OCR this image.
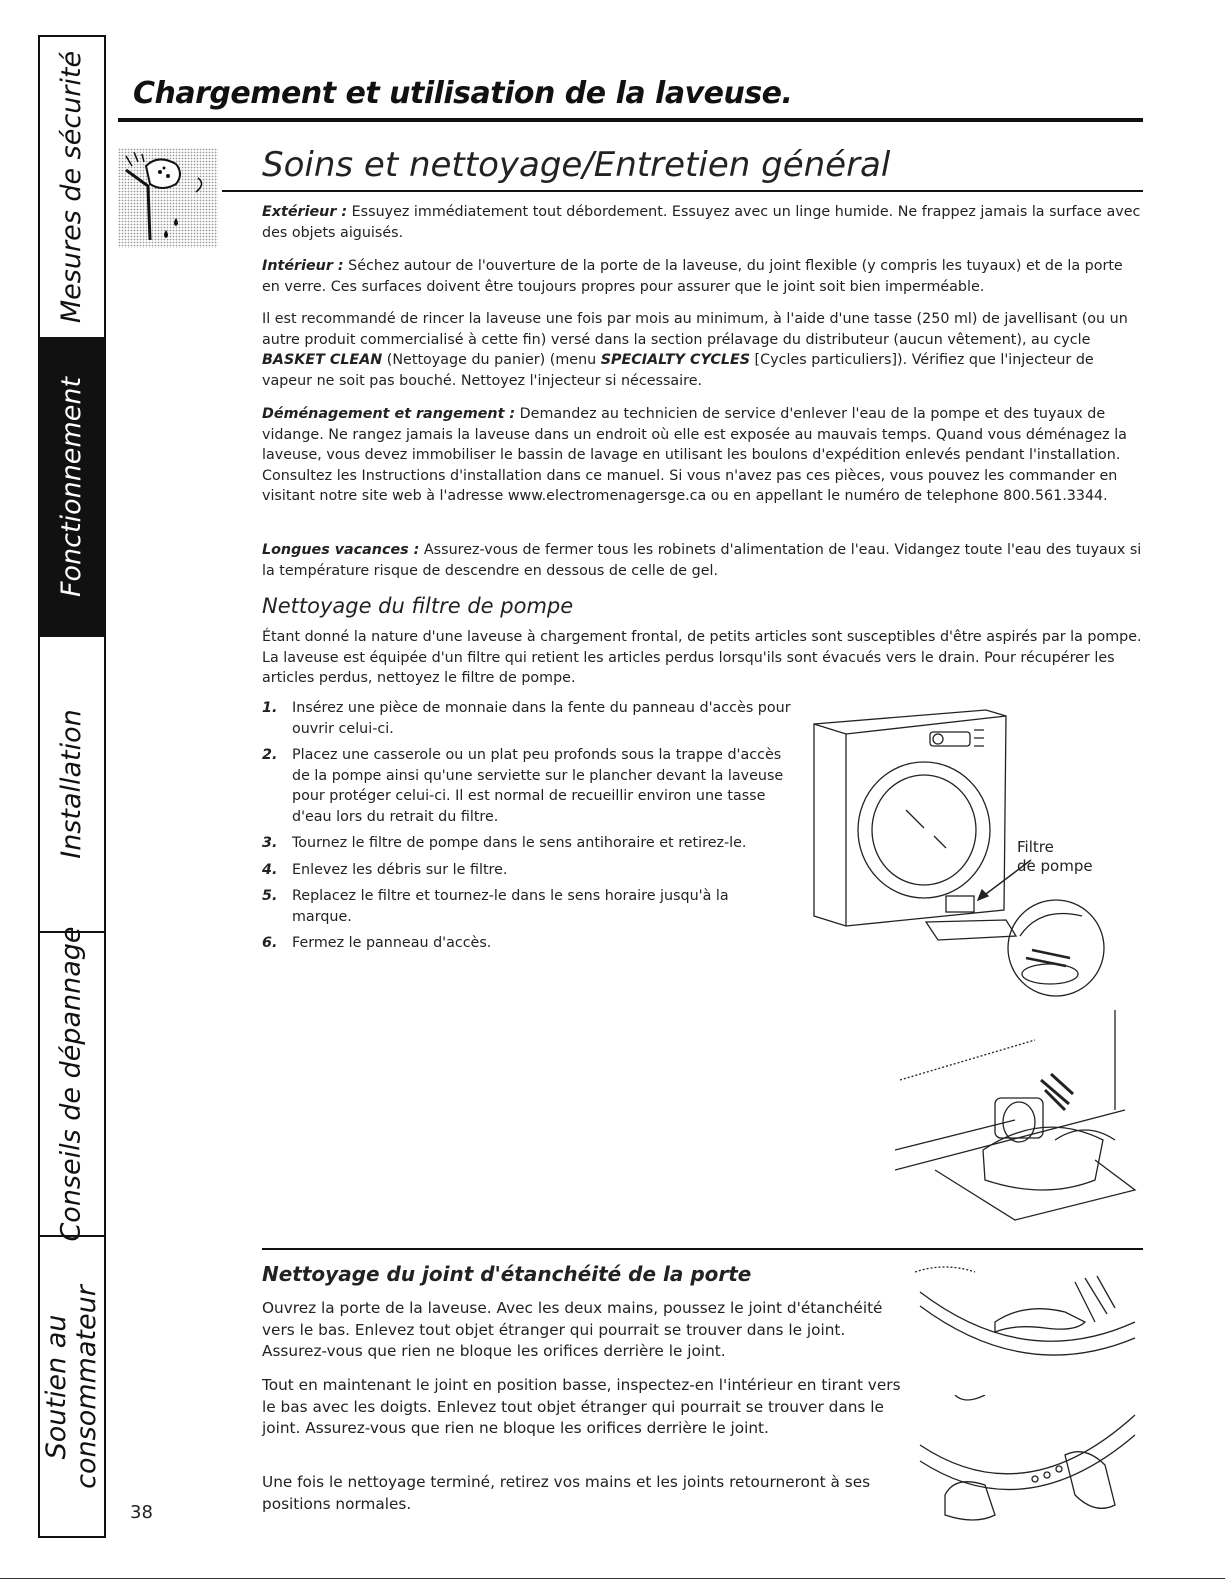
Mesures de sécurité
Fonctionnement
Installation
Conseils de dépannage
Soutien au
consommateur
Chargement et utilisation de la laveuse.
Soins et nettoyage/Entretien général

Extérieur : Essuyez immédiatement tout débordement. Essuyez avec un linge humide. Ne frappez jamais la surface avec des objets aiguisés.

Intérieur : Séchez autour de l'ouverture de la porte de la laveuse, du joint flexible (y compris les tuyaux) et de la porte en verre. Ces surfaces doivent être toujours propres pour assurer que le joint soit bien imperméable.

Il est recommandé de rincer la laveuse une fois par mois au minimum, à l'aide d'une tasse (250 ml) de javellisant (ou un autre produit commercialisé à cette fin) versé dans la section prélavage du distributeur (aucun vêtement), au cycle BASKET CLEAN (Nettoyage du panier) (menu SPECIALTY CYCLES [Cycles particuliers]). Vérifiez que l'injecteur de vapeur ne soit pas bouché. Nettoyez l'injecteur si nécessaire.

Déménagement et rangement : Demandez au technicien de service d'enlever l'eau de la pompe et des tuyaux de vidange. Ne rangez jamais la laveuse dans un endroit où elle est exposée au mauvais temps. Quand vous déménagez la laveuse, vous devez immobiliser le bassin de lavage en utilisant les boulons d'expédition enlevés pendant l'installation. Consultez les Instructions d'installation dans ce manuel. Si vous n'avez pas ces pièces, vous pouvez les commander en visitant notre site web à l'adresse www.electromenagersge.ca ou en appellant le numéro de telephone 800.561.3344.

Longues vacances : Assurez-vous de fermer tous les robinets d'alimentation de l'eau. Vidangez toute l'eau des tuyaux si la température risque de descendre en dessous de celle de gel.

Nettoyage du filtre de pompe

Étant donné la nature d'une laveuse à chargement frontal, de petits articles sont susceptibles d'être aspirés par la pompe. La laveuse est équipée d'un filtre qui retient les articles perdus lorsqu'ils sont évacués vers le drain. Pour récupérer les articles perdus, nettoyez le filtre de pompe.

1. Insérez une pièce de monnaie dans la fente du panneau d'accès pour ouvrir celui-ci.
2. Placez une casserole ou un plat peu profonds sous la trappe d'accès de la pompe ainsi qu'une serviette sur le plancher devant la laveuse pour protéger celui-ci. Il est normal de recueillir environ une tasse d'eau lors du retrait du filtre.
3. Tournez le filtre de pompe dans le sens antihoraire et retirez-le.
4. Enlevez les débris sur le filtre.
5. Replacez le filtre et tournez-le dans le sens horaire jusqu'à la marque.
6. Fermez le panneau d'accès.
Filtre
de pompe
Nettoyage du joint d'étanchéité de la porte

Ouvrez la porte de la laveuse. Avec les deux mains, poussez le joint d'étanchéité vers le bas. Enlevez tout objet étranger qui pourrait se trouver dans le joint. Assurez-vous que rien ne bloque les orifices derrière le joint.

Tout en maintenant le joint en position basse, inspectez-en l'intérieur en tirant vers le bas avec les doigts. Enlevez tout objet étranger qui pourrait se trouver dans le joint. Assurez-vous que rien ne bloque les orifices derrière le joint.

Une fois le nettoyage terminé, retirez vos mains et les joints retourneront à ses positions normales.

38
